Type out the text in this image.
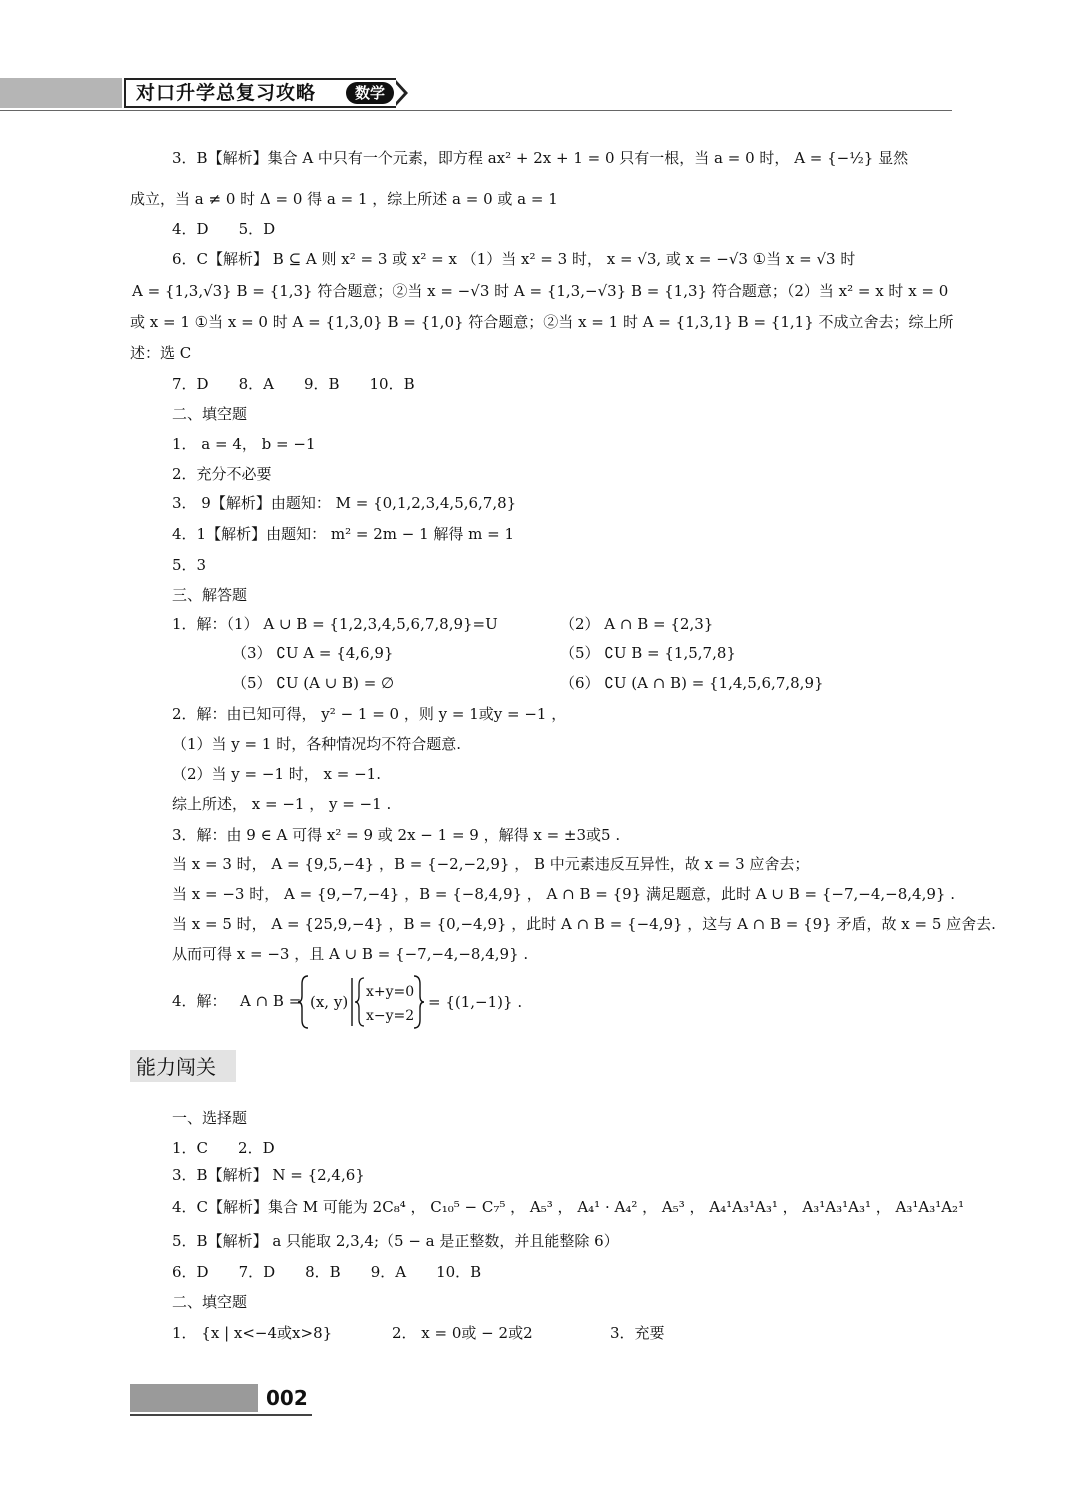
对口升学总复习攻略	数学
3．B【解析】集合 A 中只有一个元素，即方程 ax² + 2x + 1 = 0 只有一根，当 a = 0 时， A = {−½} 显然
成立，当 a ≠ 0 时 Δ = 0 得 a = 1 ，综上所述 a = 0 或 a = 1
4．D　　5．D
6．C【解析】 B ⊆ A 则 x² = 3 或 x² = x （1）当 x² = 3 时， x = √3, 或 x = −√3 ①当 x = √3 时
A = {1,3,√3} B = {1,3} 符合题意；②当 x = −√3 时 A = {1,3,−√3} B = {1,3} 符合题意；（2）当 x² = x 时 x = 0
或 x = 1 ①当 x = 0 时 A = {1,3,0} B = {1,0} 符合题意；②当 x = 1 时 A = {1,3,1} B = {1,1} 不成立舍去；综上所
述：选 C
7．D　　8．A　　9．B　　10．B
二、填空题
1． a = 4， b = −1
2．充分不必要
3． 9【解析】由题知： M = {0,1,2,3,4,5,6,7,8}
4．1【解析】由题知： m² = 2m − 1 解得 m = 1
5．3
三、解答题
1．解：（1） A ∪ B = {1,2,3,4,5,6,7,8,9}=U	（2） A ∩ B = {2,3}
（3） ∁U A = {4,6,9}	（5） ∁U B = {1,5,7,8}
（5） ∁U (A ∪ B) = ∅	（6） ∁U (A ∩ B) = {1,4,5,6,7,8,9}
2．解：由已知可得， y² − 1 = 0 ，则 y = 1或y = −1 ，
（1）当 y = 1 时，各种情况均不符合题意.
（2）当 y = −1 时， x = −1.
综上所述， x = −1 ， y = −1 .
3．解：由 9 ∈ A 可得 x² = 9 或 2x − 1 = 9 ，解得 x = ±3或5 .
当 x = 3 时， A = {9,5,−4} ，B = {−2,−2,9} ， B 中元素违反互异性，故 x = 3 应舍去；
当 x = −3 时， A = {9,−7,−4} ，B = {−8,4,9} ， A ∩ B = {9} 满足题意，此时 A ∪ B = {−7,−4,−8,4,9} .
当 x = 5 时， A = {25,9,−4} ，B = {0,−4,9} ，此时 A ∩ B = {−4,9} ，这与 A ∩ B = {9} 矛盾，故 x = 5 应舍去.
从而可得 x = −3 ，且 A ∪ B = {−7,−4,−8,4,9} .
4．解： A ∩ B = (x, y)
x+y=0
x−y=2
= {(1,−1)} .
能力闯关
一、选择题
1．C　　2．D
3．B【解析】 N = {2,4,6}
4．C【解析】集合 M 可能为 2C₈⁴ ， C₁₀⁵ − C₇⁵ ， A₅³ ， A₄¹ · A₄² ， A₅³ ， A₄¹A₃¹A₃¹ ， A₃¹A₃¹A₃¹ ， A₃¹A₃¹A₂¹
5．B【解析】 a 只能取 2,3,4;（5 − a 是正整数，并且能整除 6）
6．D　　7．D　　8．B　　9．A　　10．B
二、填空题
1． {x | x<−4或x>8}	2． x = 0或 − 2或2	3．充要
002
